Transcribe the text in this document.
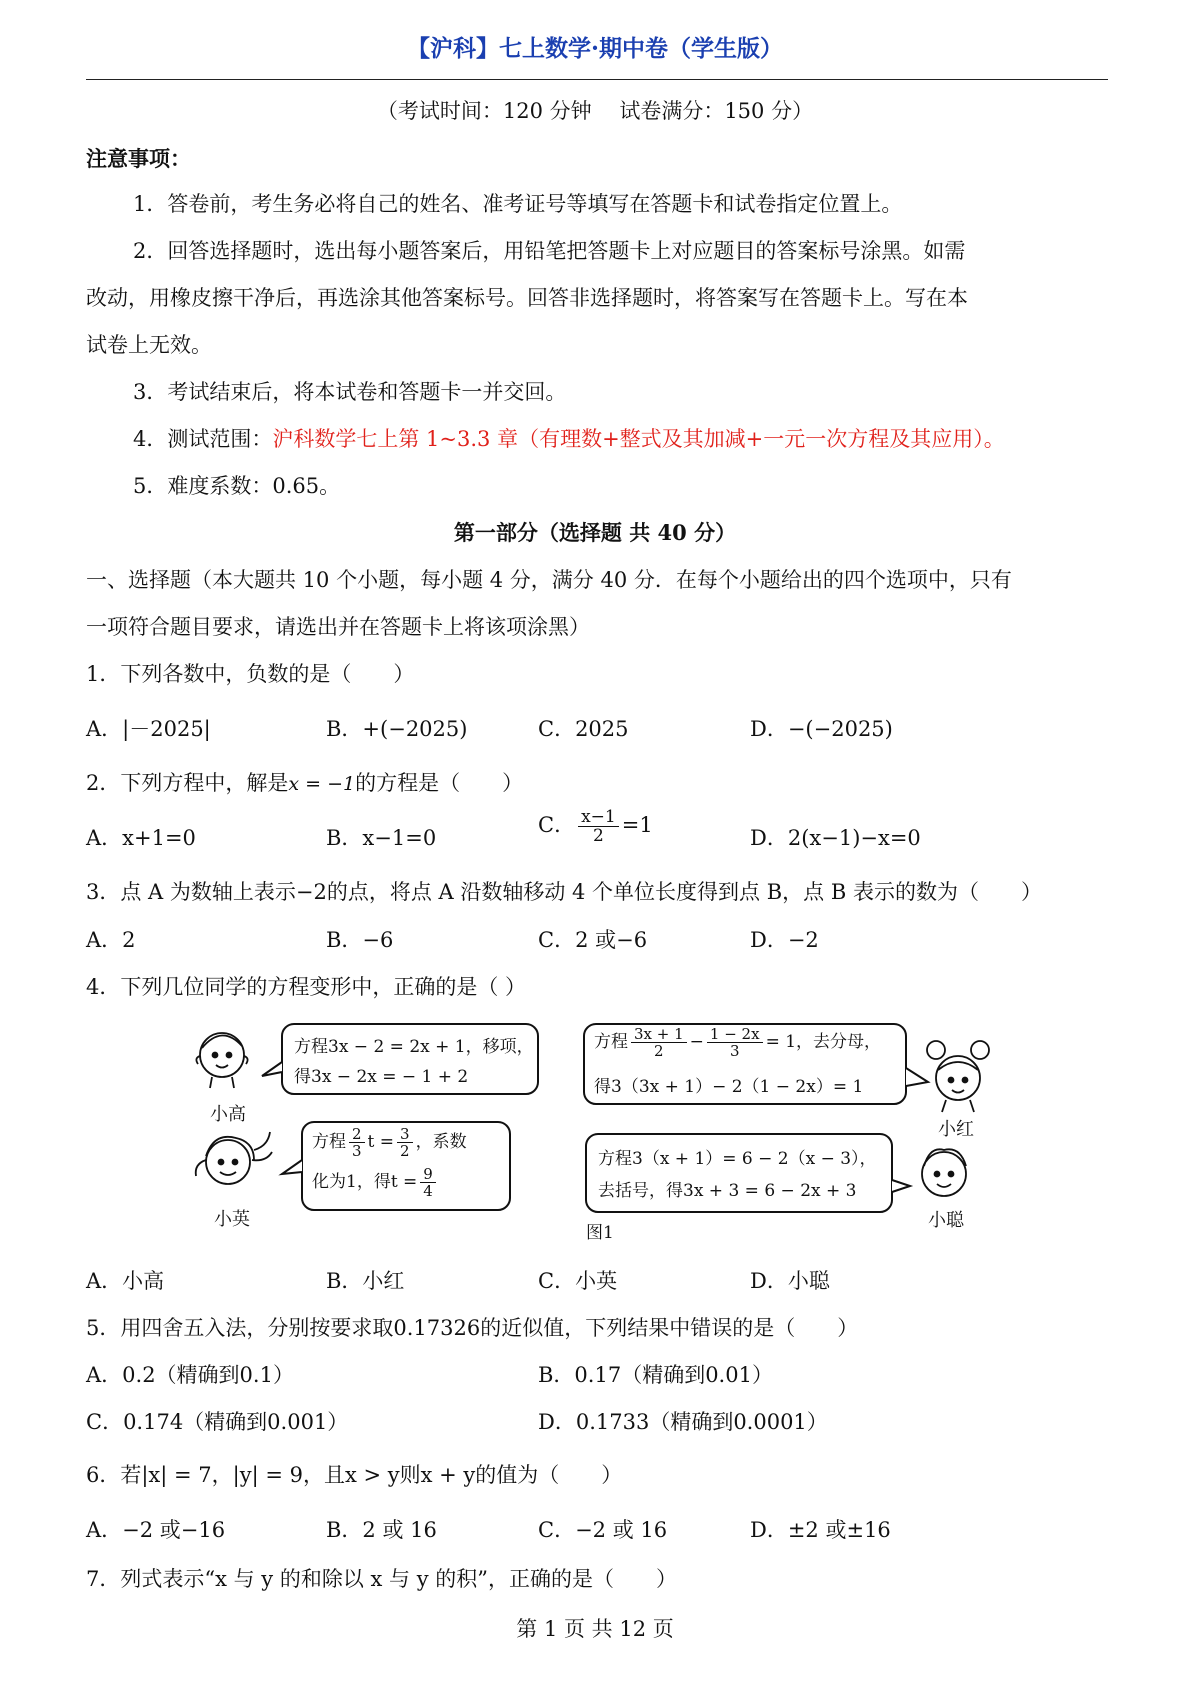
【沪科】七上数学·期中卷（学生版）
（考试时间：120 分钟　 试卷满分：150 分）
注意事项：
1．答卷前，考生务必将自己的姓名、准考证号等填写在答题卡和试卷指定位置上。
2．回答选择题时，选出每小题答案后，用铅笔把答题卡上对应题目的答案标号涂黑。如需
改动，用橡皮擦干净后，再选涂其他答案标号。回答非选择题时，将答案写在答题卡上。写在本
试卷上无效。
3．考试结束后，将本试卷和答题卡一并交回。
4．测试范围：沪科数学七上第 1~3.3 章（有理数+整式及其加减+一元一次方程及其应用）。
5．难度系数：0.65。
第一部分（选择题 共 40 分）
一、选择题（本大题共 10 个小题，每小题 4 分，满分 40 分．在每个小题给出的四个选项中，只有
一项符合题目要求，请选出并在答题卡上将该项涂黑）
1．下列各数中，负数的是（　　）
A．|－2025|	B．+(−2025)	C．2025	D．−(−2025)
2．下列方程中，解是x = −1的方程是（　　）
A．x+1=0	B．x−1=0
C． $\frac{x-1}{2} =1$
D．2(x−1)−x=0
3．点 A 为数轴上表示−2的点，将点 A 沿数轴移动 4 个单位长度得到点 B，点 B 表示的数为（　　）
A．2	B．−6	C．2 或−6	D．−2
4．下列几位同学的方程变形中，正确的是（ ）
小高
小红
小英	小聪
图1
方程3x − 2 = 2x + 1，移项，
得3x − 2x = − 1 + 2
方程 $\frac{3x + 1}{2} - \frac{1 - 2x}{3} = 1$，去分母，
得3（3x + 1）− 2（1 − 2x）= 1
方程 $\frac{2}{3}$ $t = \frac{3}{2}$ ，系数
化为1，得$t = \frac{9}{4}$
方程3（x + 1）= 6 − 2（x − 3），
去括号，得3x + 3 = 6 − 2x + 3
A．小高	B．小红	C．小英	D．小聪
5．用四舍五入法，分别按要求取0.17326的近似值，下列结果中错误的是（　　）
A．0.2（精确到0.1）	B．0.17（精确到0.01）
C．0.174（精确到0.001）	D．0.1733（精确到0.0001）
6．若|x| = 7，|y| = 9，且x > y则x + y的值为（　　）
A．−2 或−16	B．2 或 16	C．−2 或 16	D．±2 或±16
7．列式表示“x 与 y 的和除以 x 与 y 的积”，正确的是（　　）
第 1 页 共 12 页
